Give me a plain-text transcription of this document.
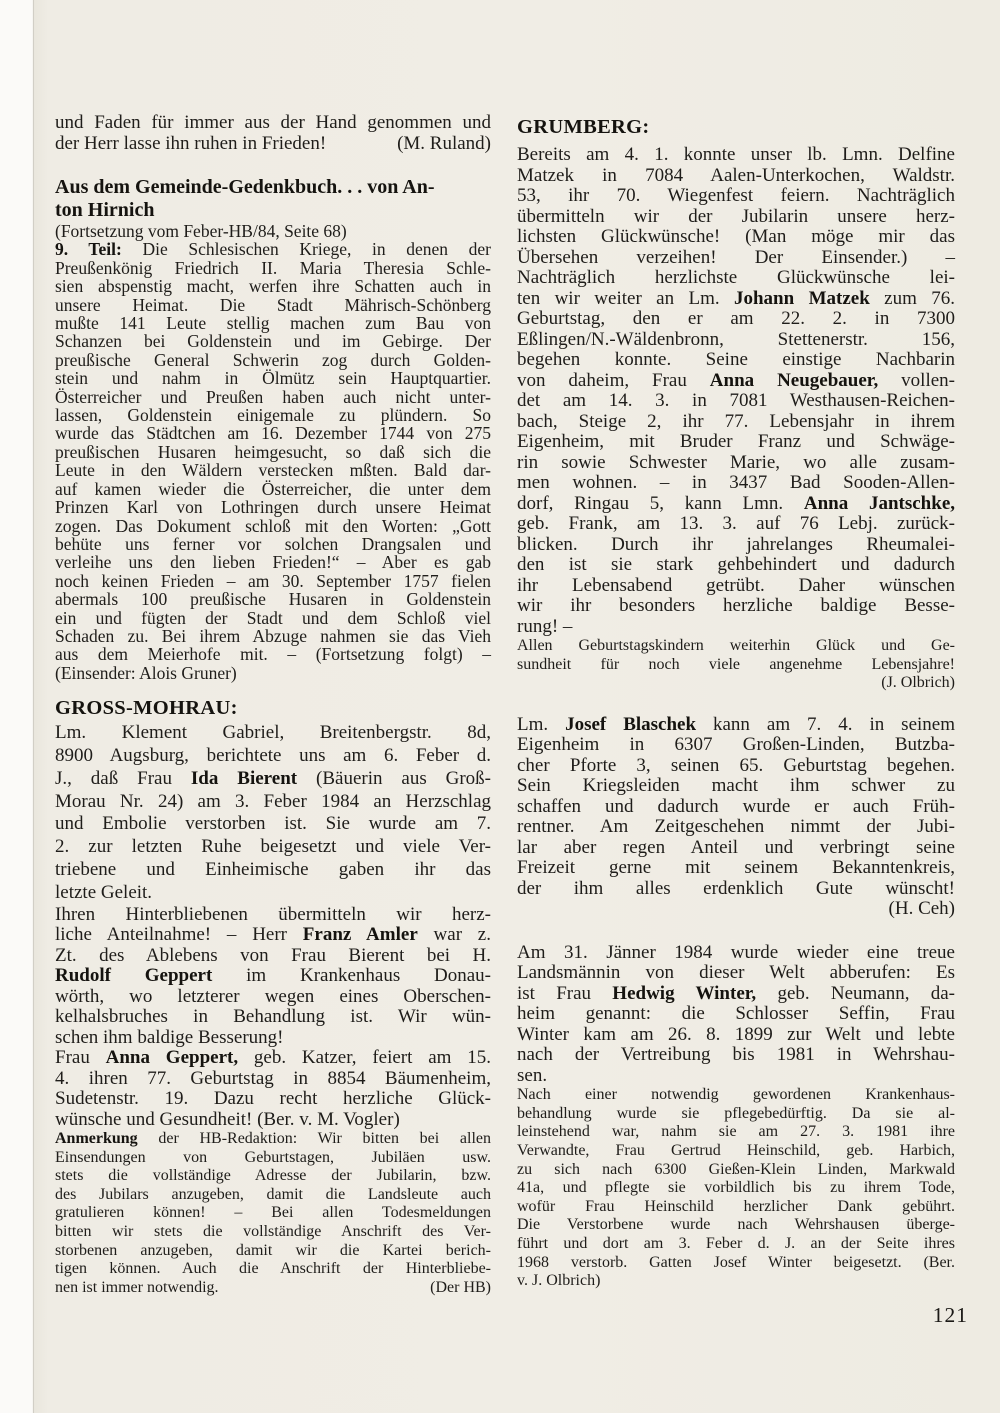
und Faden für immer aus der Hand genommen und
der Herr lasse ihn ruhen in Frieden!	(M. Ruland)
Aus dem Gemeinde-Gedenkbuch. . . von An-
ton Hirnich
(Fortsetzung vom Feber-HB/84, Seite 68)
9. Teil: Die Schlesischen Kriege, in denen der
Preußenkönig Friedrich II. Maria Theresia Schle-
sien abspenstig macht, werfen ihre Schatten auch in
unsere Heimat. Die Stadt Mährisch-Schönberg
mußte 141 Leute stellig machen zum Bau von
Schanzen bei Goldenstein und im Gebirge. Der
preußische General Schwerin zog durch Golden-
stein und nahm in Ölmütz sein Hauptquartier.
Österreicher und Preußen haben auch nicht unter-
lassen, Goldenstein einigemale zu plündern. So
wurde das Städtchen am 16. Dezember 1744 von 275
preußischen Husaren heimgesucht, so daß sich die
Leute in den Wäldern verstecken mßten. Bald dar-
auf kamen wieder die Österreicher, die unter dem
Prinzen Karl von Lothringen durch unsere Heimat
zogen. Das Dokument schloß mit den Worten: „Gott
behüte uns ferner vor solchen Drangsalen und
verleihe uns den lieben Frieden!“ – Aber es gab
noch keinen Frieden – am 30. September 1757 fielen
abermals 100 preußische Husaren in Goldenstein
ein und fügten der Stadt und dem Schloß viel
Schaden zu. Bei ihrem Abzuge nahmen sie das Vieh
aus dem Meierhofe mit. – (Fortsetzung folgt) –
(Einsender: Alois Gruner)
GROSS-MOHRAU:
Lm. Klement Gabriel, Breitenbergstr. 8d,
8900 Augsburg, berichtete uns am 6. Feber d.
J., daß Frau Ida Bierent (Bäuerin aus Groß-
Morau Nr. 24) am 3. Feber 1984 an Herzschlag
und Embolie verstorben ist. Sie wurde am 7.
2. zur letzten Ruhe beigesetzt und viele Ver-
triebene und Einheimische gaben ihr das
letzte Geleit.
Ihren Hinterbliebenen übermitteln wir herz-
liche Anteilnahme! – Herr Franz Amler war z.
Zt. des Ablebens von Frau Bierent bei H.
Rudolf Geppert im Krankenhaus Donau-
wörth, wo letzterer wegen eines Oberschen-
kelhalsbruches in Behandlung ist. Wir wün-
schen ihm baldige Besserung!
Frau Anna Geppert, geb. Katzer, feiert am 15.
4. ihren 77. Geburtstag in 8854 Bäumenheim,
Sudetenstr. 19. Dazu recht herzliche Glück-
wünsche und Gesundheit! (Ber. v. M. Vogler)
Anmerkung der HB-Redaktion: Wir bitten bei allen
Einsendungen von Geburtstagen, Jubiläen usw.
stets die vollständige Adresse der Jubilarin, bzw.
des Jubilars anzugeben, damit die Landsleute auch
gratulieren können! – Bei allen Todesmeldungen
bitten wir stets die vollständige Anschrift des Ver-
storbenen anzugeben, damit wir die Kartei berich-
tigen können. Auch die Anschrift der Hinterbliebe-
nen ist immer notwendig.	(Der HB)
GRUMBERG:
Bereits am 4. 1. konnte unser lb. Lmn. Delfine
Matzek in 7084 Aalen-Unterkochen, Waldstr.
53, ihr 70. Wiegenfest feiern. Nachträglich
übermitteln wir der Jubilarin unsere herz-
lichsten Glückwünsche! (Man möge mir das
Übersehen verzeihen! Der Einsender.) –
Nachträglich herzlichste Glückwünsche lei-
ten wir weiter an Lm. Johann Matzek zum 76.
Geburtstag, den er am 22. 2. in 7300
Eßlingen/N.-Wäldenbronn, Stettenerstr. 156,
begehen konnte. Seine einstige Nachbarin
von daheim, Frau Anna Neugebauer, vollen-
det am 14. 3. in 7081 Westhausen-Reichen-
bach, Steige 2, ihr 77. Lebensjahr in ihrem
Eigenheim, mit Bruder Franz und Schwäge-
rin sowie Schwester Marie, wo alle zusam-
men wohnen. – in 3437 Bad Sooden-Allen-
dorf, Ringau 5, kann Lmn. Anna Jantschke,
geb. Frank, am 13. 3. auf 76 Lebj. zurück-
blicken. Durch ihr jahrelanges Rheumalei-
den ist sie stark gehbehindert und dadurch
ihr Lebensabend getrübt. Daher wünschen
wir ihr besonders herzliche baldige Besse-
rung! –
Allen Geburtstagskindern weiterhin Glück und Ge-
sundheit für noch viele angenehme Lebensjahre!
(J. Olbrich)
Lm. Josef Blaschek kann am 7. 4. in seinem
Eigenheim in 6307 Großen-Linden, Butzba-
cher Pforte 3, seinen 65. Geburtstag begehen.
Sein Kriegsleiden macht ihm schwer zu
schaffen und dadurch wurde er auch Früh-
rentner. Am Zeitgeschehen nimmt der Jubi-
lar aber regen Anteil und verbringt seine
Freizeit gerne mit seinem Bekanntenkreis,
der ihm alles erdenklich Gute wünscht!
(H. Ceh)
Am 31. Jänner 1984 wurde wieder eine treue
Landsmännin von dieser Welt abberufen: Es
ist Frau Hedwig Winter, geb. Neumann, da-
heim genannt: die Schlosser Seffin, Frau
Winter kam am 26. 8. 1899 zur Welt und lebte
nach der Vertreibung bis 1981 in Wehrshau-
sen.
Nach einer notwendig gewordenen Krankenhaus-
behandlung wurde sie pflegebedürftig. Da sie al-
leinstehend war, nahm sie am 27. 3. 1981 ihre
Verwandte, Frau Gertrud Heinschild, geb. Harbich,
zu sich nach 6300 Gießen-Klein Linden, Markwald
41a, und pflegte sie vorbildlich bis zu ihrem Tode,
wofür Frau Heinschild herzlicher Dank gebührt.
Die Verstorbene wurde nach Wehrshausen überge-
führt und dort am 3. Feber d. J. an der Seite ihres
1968 verstorb. Gatten Josef Winter beigesetzt. (Ber.
v. J. Olbrich)
121
